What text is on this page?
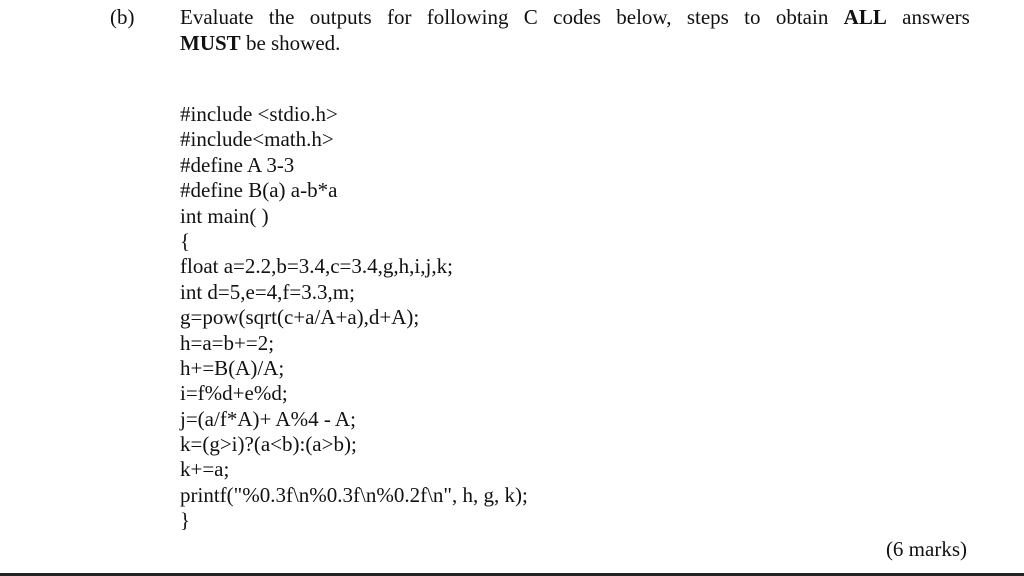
(b) Evaluate the outputs for following C codes below, steps to obtain ALL answers
MUST be showed.
#include <stdio.h>
#include<math.h>
#define A 3-3
#define B(a) a-b*a
int main( )
{
float a=2.2,b=3.4,c=3.4,g,h,i,j,k;
int d=5,e=4,f=3.3,m;
g=pow(sqrt(c+a/A+a),d+A);
h=a=b+=2;
h+=B(A)/A;
i=f%d+e%d;
j=(a/f*A)+ A%4 - A;
k=(g>i)?(a<b):(a>b);
k+=a;
printf("%0.3f\n%0.3f\n%0.2f\n", h, g, k);
}
(6 marks)
